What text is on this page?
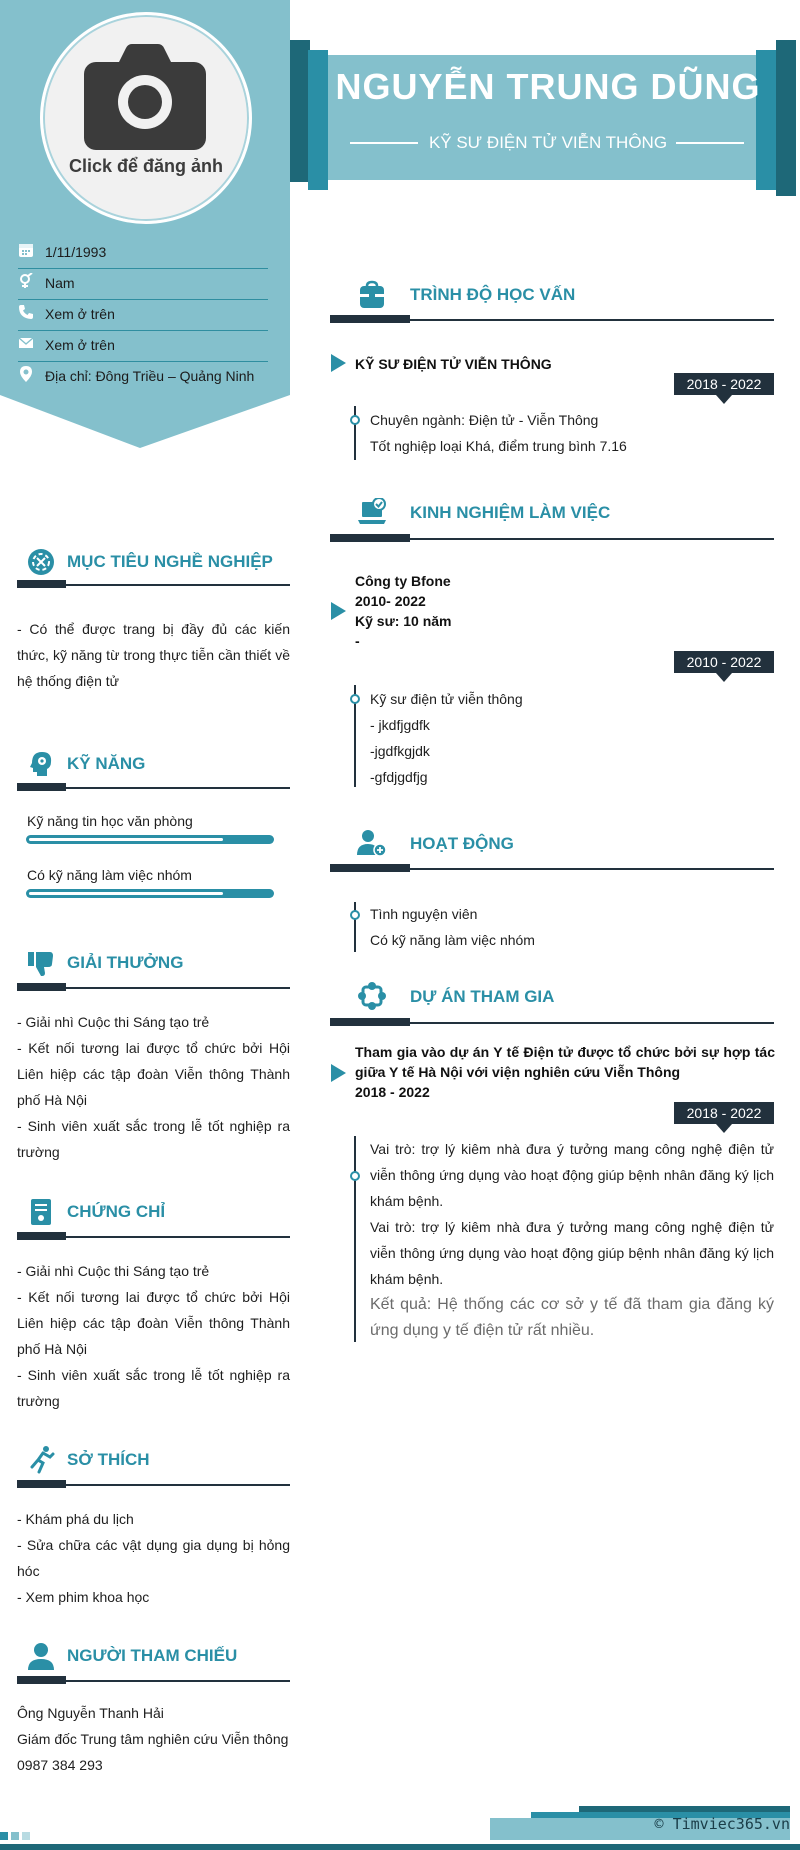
Click để đăng ảnh
1/11/1993
Nam
Xem ở trên
Xem ở trên
Địa chỉ: Đông Triều – Quảng Ninh
NGUYỄN TRUNG DŨNG
KỸ SƯ ĐIỆN TỬ VIỄN THÔNG
MỤC TIÊU NGHỀ NGHIỆP
- Có thể được trang bị đầy đủ các kiến thức, kỹ năng từ trong thực tiễn cần thiết về hệ thống điện tử
KỸ NĂNG
Kỹ năng tin học văn phòng
Có kỹ năng làm việc nhóm
GIẢI THƯỞNG
- Giải nhì Cuộc thi Sáng tạo trẻ
- Kết nối tương lai được tổ chức bởi Hội Liên hiệp các tập đoàn Viễn thông Thành phố Hà Nội
- Sinh viên xuất sắc trong lễ tốt nghiệp ra trường
CHỨNG CHỈ
- Giải nhì Cuộc thi Sáng tạo trẻ
- Kết nối tương lai được tổ chức bởi Hội Liên hiệp các tập đoàn Viễn thông Thành phố Hà Nội
- Sinh viên xuất sắc trong lễ tốt nghiệp ra trường
SỞ THÍCH
- Khám phá du lịch
- Sửa chữa các vật dụng gia dụng bị hỏng hóc
- Xem phim khoa học
NGƯỜI THAM CHIẾU
Ông Nguyễn Thanh Hải
Giám đốc Trung tâm nghiên cứu Viễn thông
0987 384 293
TRÌNH ĐỘ HỌC VẤN
KỸ SƯ ĐIỆN TỬ VIỄN THÔNG
2018 - 2022
Chuyên ngành: Điện tử - Viễn Thông
Tốt nghiệp loại Khá, điểm trung bình 7.16
KINH NGHIỆM LÀM VIỆC
Công ty Bfone
2010- 2022
Kỹ sư: 10 năm
-
2010 - 2022
Kỹ sư điện tử viễn thông
- jkdfjgdfk
-jgdfkgjdk
-gfdjgdfjg
HOẠT ĐỘNG
Tình nguyện viên
Có kỹ năng làm việc nhóm
DỰ ÁN THAM GIA
Tham gia vào dự án Y tế Điện tử được tổ chức bởi sự hợp tác giữa Y tế Hà Nội với viện nghiên cứu Viễn Thông
2018 - 2022
2018 - 2022
Vai trò: trợ lý kiêm nhà đưa ý tưởng mang công nghệ điện tử viễn thông ứng dụng vào hoạt động giúp bệnh nhân đăng ký lịch khám bệnh.
Vai trò: trợ lý kiêm nhà đưa ý tưởng mang công nghệ điện tử viễn thông ứng dụng vào hoạt động giúp bệnh nhân đăng ký lịch khám bệnh.
Kết quả: Hệ thống các cơ sở y tế đã tham gia đăng ký ứng dụng y tế điện tử rất nhiều.
© Timviec365.vn
